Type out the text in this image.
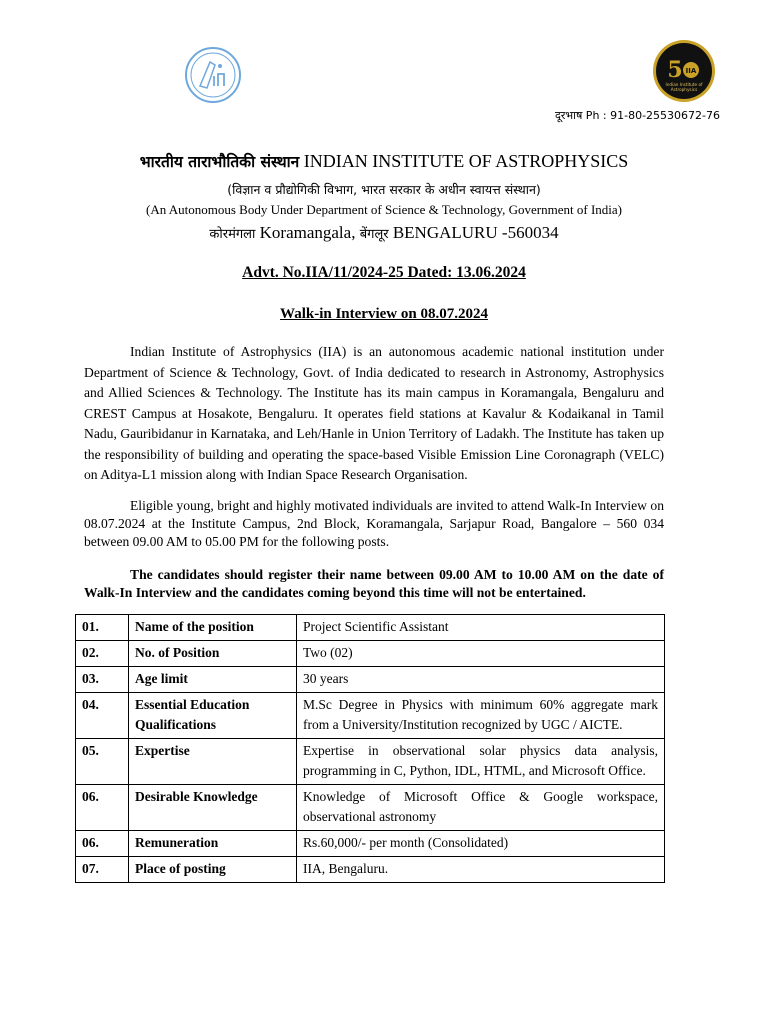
5 IIA
Indian Institute of
Astrophysics
दूरभाष Ph : 91-80-25530672-76
भारतीय ताराभौतिकी संस्थान INDIAN INSTITUTE OF ASTROPHYSICS
(विज्ञान व प्रौद्योगिकी विभाग, भारत सरकार के अधीन स्वायत्त संस्थान)
(An Autonomous Body Under Department of Science & Technology, Government of India)
कोरमंगला Koramangala, बेंगलूर BENGALURU -560034
Advt. No.IIA/11/2024-25 Dated: 13.06.2024
Walk-in Interview on 08.07.2024

Indian Institute of Astrophysics (IIA) is an autonomous academic national institution under Department of Science & Technology, Govt. of India dedicated to research in Astronomy, Astrophysics and Allied Sciences & Technology. The Institute has its main campus in Koramangala, Bengaluru and CREST Campus at Hosakote, Bengaluru. It operates field stations at Kavalur & Kodaikanal in Tamil Nadu, Gauribidanur in Karnataka, and Leh/Hanle in Union Territory of Ladakh. The Institute has taken up the responsibility of building and operating the space-based Visible Emission Line Coronagraph (VELC) on Aditya-L1 mission along with Indian Space Research Organisation.

Eligible young, bright and highly motivated individuals are invited to attend Walk-In Interview on 08.07.2024 at the Institute Campus, 2nd Block, Koramangala, Sarjapur Road, Bangalore – 560 034 between 09.00 AM to 05.00 PM for the following posts.

The candidates should register their name between 09.00 AM to 10.00 AM on the date of Walk-In Interview and the candidates coming beyond this time will not be entertained.

01.	Name of the position	Project Scientific Assistant
02.	No. of Position	Two (02)
03.	Age limit	30 years
04.	Essential Education Qualifications	M.Sc Degree in Physics with minimum 60% aggregate mark from a University/Institution recognized by UGC / AICTE.
05.	Expertise	Expertise in observational solar physics data analysis, programming in C, Python, IDL, HTML, and Microsoft Office.
06.	Desirable Knowledge	Knowledge of Microsoft Office & Google workspace, observational astronomy
06.	Remuneration	Rs.60,000/- per month (Consolidated)
07.	Place of posting	IIA, Bengaluru.
